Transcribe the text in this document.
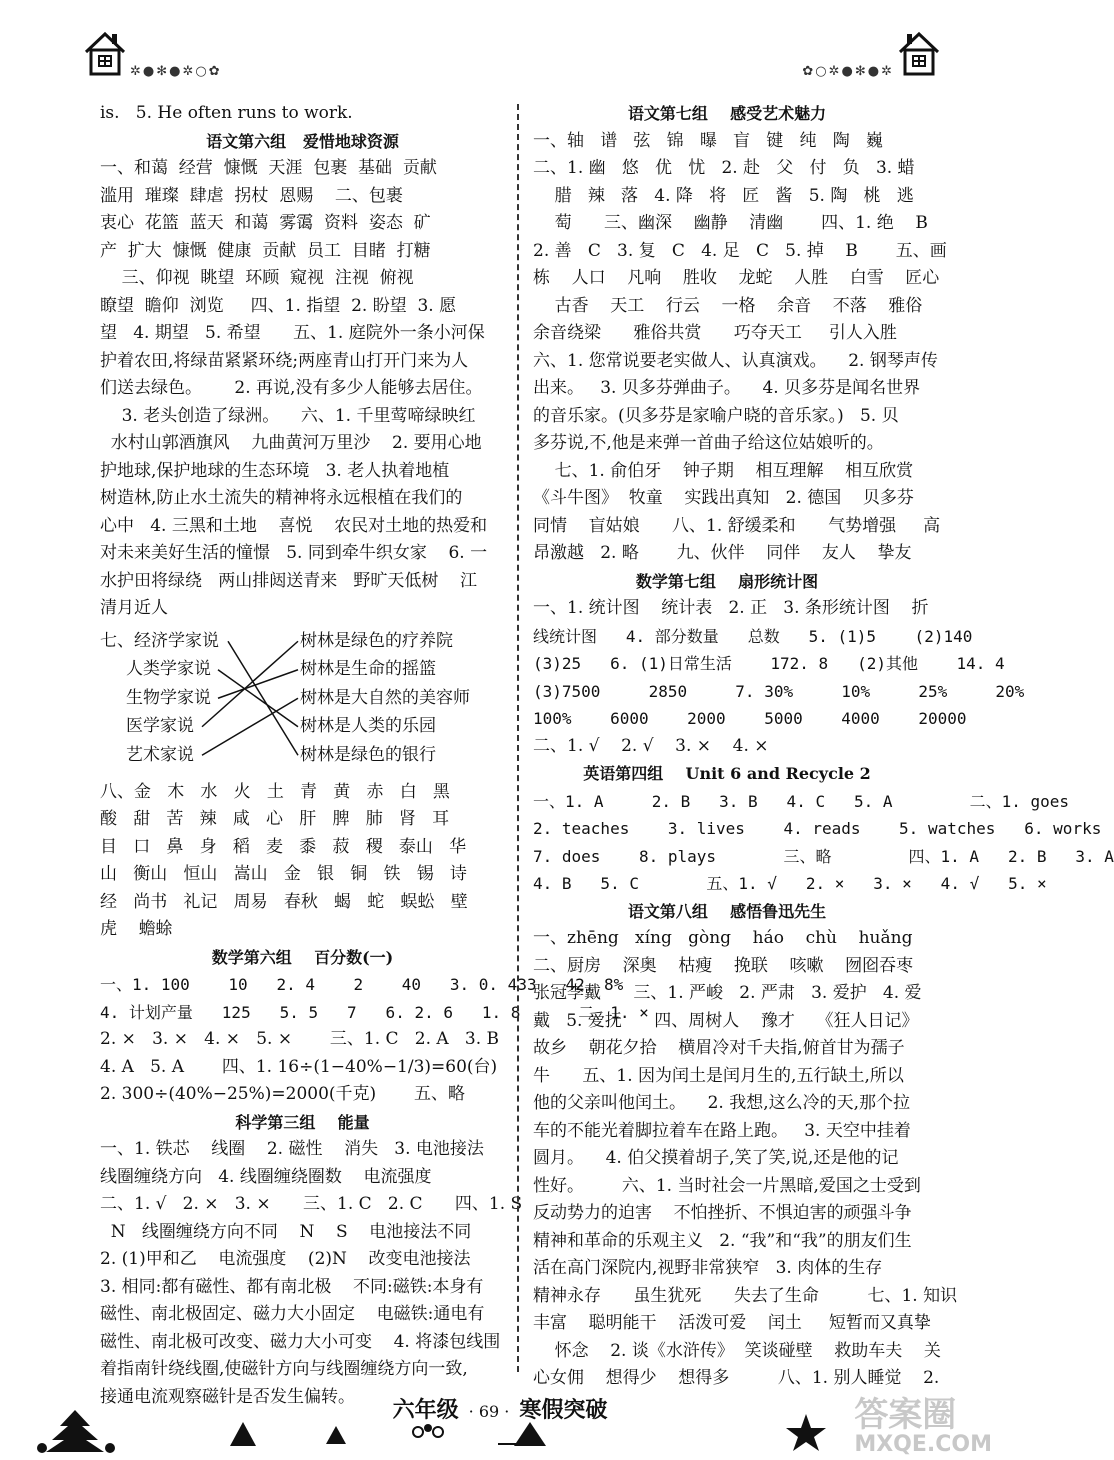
✲●✻●✲○✿	✿○✲●✻●✲
is.   5. He often runs to work.
语文第六组   爱惜地球资源
一、和蔼  经营  慷慨  天涯  包裹  基础  贡献
滥用  璀璨  肆虐  拐杖  恩赐    二、包裹
衷心  花篮  蓝天  和蔼  雾霭  资料  姿态  矿
产  扩大  慷慨  健康  贡献  员工  目睹  打糖
三、仰视  眺望  环顾  窥视  注视  俯视
瞭望  瞻仰  浏览     四、1. 指望  2. 盼望  3. 愿
望   4. 期望   5. 希望      五、1. 庭院外一条小河保
护着农田,将绿苗紧紧环绕;两座青山打开门来为人
们送去绿色。      2. 再说,没有多少人能够去居住。
3. 老头创造了绿洲。    六、1. 千里莺啼绿映红
水村山郭酒旗风    九曲黄河万里沙    2. 要用心地
护地球,保护地球的生态环境   3. 老人执着地植
树造林,防止水土流失的精神将永远根植在我们的
心中   4. 三黑和土地    喜悦    农民对土地的热爱和
对未来美好生活的憧憬   5. 同到牵牛织女家    6. 一
水护田将绿绕   两山排闼送青来   野旷天低树    江
清月近人
七、经济学家说
人类学家说
生物学家说
医学家说
艺术家说
树林是绿色的疗养院
树林是生命的摇篮
树林是大自然的美容师
树林是人类的乐园
树林是绿色的银行
八、金   木   水   火   土   青   黄   赤   白   黑
酸   甜   苦   辣   咸   心   肝   脾   肺   肾   耳
目   口   鼻   身   稻   麦   黍   菽   稷   泰山   华
山   衡山   恒山   嵩山   金   银   铜   铁   锡   诗
经   尚书   礼记   周易   春秋   蝎   蛇   蜈蚣   壁
虎    蟾蜍
数学第六组    百分数(一)
一、1. 100    10   2. 4    2    40   3. 0. 433   42. 8%
4. 计划产量   125   5. 5   7   6. 2. 6   1. 8      二、1. ×
2. ×   3. ×   4. ×   5. ×       三、1. C   2. A   3. B
4. A   5. A       四、1. 16÷(1−40%−1/3)=60(台)
2. 300÷(40%−25%)=2000(千克)       五、略
科学第三组    能量
一、1. 铁芯    线圈    2. 磁性    消失   3. 电池接法
线圈缠绕方向   4. 线圈缠绕圈数    电流强度
二、1. √   2. ×   3. ×      三、1. C   2. C      四、1. S
N   线圈缠绕方向不同    N    S    电池接法不同
2. (1)甲和乙    电流强度    (2)N    改变电池接法
3. 相同:都有磁性、都有南北极    不同:磁铁:本身有
磁性、南北极固定、磁力大小固定    电磁铁:通电有
磁性、南北极可改变、磁力大小可变    4. 将漆包线围
着指南针绕线圈,使磁针方向与线圈缠绕方向一致,
接通电流观察磁针是否发生偏转。
语文第七组    感受艺术魅力
一、轴   谱   弦   锦   曝   盲   键   纯   陶   巍
二、1. 幽   悠   优   忧   2. 赴   父   付   负   3. 蜡
腊   辣   落   4. 降   将   匠   酱   5. 陶   桃   逃
萄      三、幽深    幽静    清幽       四、1. 绝    B
2. 善   C   3. 复   C   4. 足   C   5. 掉    B       五、画
栋    人口    凡响    胜收    龙蛇    人胜    白雪    匠心
古香    天工    行云    一格    余音    不落    雅俗
余音绕梁      雅俗共赏      巧夺天工     引人入胜
六、1. 您常说要老实做人、认真演戏。    2. 钢琴声传
出来。   3. 贝多芬弹曲子。    4. 贝多芬是闻名世界
的音乐家。(贝多芬是家喻户晓的音乐家。)   5. 贝
多芬说,不,他是来弹一首曲子给这位姑娘听的。
七、1. 俞伯牙    钟子期    相互理解    相互欣赏
《斗牛图》  牧童    实践出真知   2. 德国    贝多芬
同情    盲姑娘      八、1. 舒缓柔和      气势增强     高
昂激越   2. 略       九、伙伴    同伴    友人    挚友
数学第七组    扇形统计图
一、1. 统计图    统计表   2. 正   3. 条形统计图    折
线统计图   4. 部分数量   总数   5. (1)5    (2)140
(3)25   6. (1)日常生活    172. 8   (2)其他    14. 4
(3)7500     2850     7. 30%     10%     25%     20%
100%    6000    2000    5000    4000    20000
二、1. √    2. √    3. ×    4. ×
英语第四组    Unit 6 and Recycle 2
一、1. A     2. B   3. B   4. C   5. A        二、1. goes
2. teaches    3. lives    4. reads    5. watches   6. works
7. does    8. plays       三、略        四、1. A   2. B   3. A
4. B   5. C       五、1. √   2. ×   3. ×   4. √   5. ×
语文第八组    感悟鲁迅先生
一、zhēng   xíng   gòng    háo    chù    huǎng
二、厨房    深奥    枯瘦    挽联    咳嗽    囫囵吞枣
张冠李戴      三、1. 严峻   2. 严肃   3. 爱护   4. 爱
戴   5. 爱抚      四、周树人    豫才    《狂人日记》
故乡    朝花夕拾    横眉冷对千夫指,俯首甘为孺子
牛      五、1. 因为闰土是闰月生的,五行缺土,所以
他的父亲叫他闰土。    2. 我想,这么冷的天,那个拉
车的不能光着脚拉着车在路上跑。   3. 天空中挂着
圆月。    4. 伯父摸着胡子,笑了笑,说,还是他的记
性好。       六、1. 当时社会一片黑暗,爱国之士受到
反动势力的迫害    不怕挫折、不惧迫害的顽强斗争
精神和革命的乐观主义   2. “我”和“我”的朋友们生
活在高门深院内,视野非常狭窄   3. 肉体的生存
精神永存      虽生犹死      失去了生命         七、1. 知识
丰富    聪明能干    活泼可爱    闰土     短暂而又真挚
怀念    2. 谈《水浒传》  笑谈碰壁    救助车夫    关
心女佣    想得少    想得多         八、1. 别人睡觉    2.
六年级 · 69 · 寒假突破	答案圈
MXQE.COM
